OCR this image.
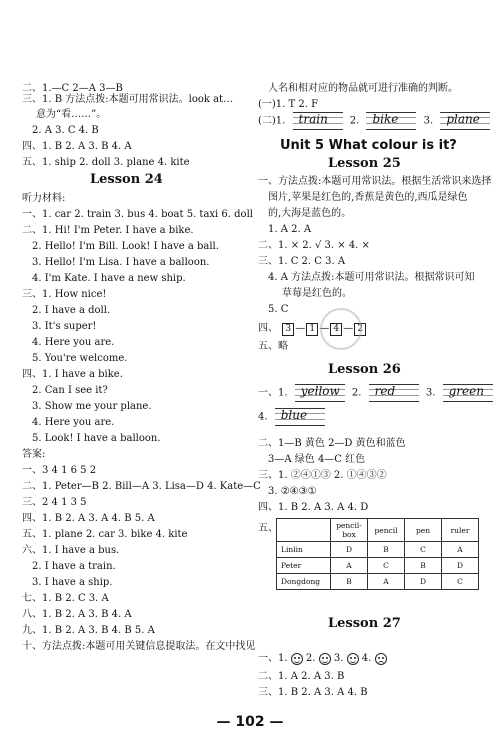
Lesson 24
二、1.—C 2—A 3—B
三、1. B 方法点拨:本题可用常识法。look at…
意为“看……”。
2. A 3. C 4. B
四、1. B 2. A 3. B 4. A
五、1. ship 2. doll 3. plane 4. kite
听力材料:
一、1. car 2. train 3. bus 4. boat 5. taxi 6. doll
二、1. Hi! I'm Peter. I have a bike.
2. Hello! I'm Bill. Look! I have a ball.
3. Hello! I'm Lisa. I have a balloon.
4. I'm Kate. I have a new ship.
三、1. How nice!
2. I have a doll.
3. It's super!
4. Here you are.
5. You're welcome.
四、1. I have a bike.
2. Can I see it?
3. Show me your plane.
4. Here you are.
5. Look! I have a balloon.
答案:
一、3 4 1 6 5 2
二、1. Peter—B 2. Bill—A 3. Lisa—D 4. Kate—C
三、2 4 1 3 5
四、1. B 2. A 3. A 4. B 5. A
五、1. plane 2. car 3. bike 4. kite
六、1. I have a bus.
2. I have a train.
3. I have a ship.
七、1. B 2. C 3. A
八、1. B 2. A 3. B 4. A
九、1. B 2. A 3. B 4. B 5. A
十、方法点拨:本题可用关键信息提取法。在文中找见
(二)1. train 2. bike	3. plane
Unit 5 What colour is it?
Lesson 25
四、 3 — 1 — 4 — 2
五、略
Lesson 26
一、1. yellow 2. red	3. green
4. blue
五、
		pencil-box	pencil	pen	ruler
Linlin	D	B	C	A
Peter	A	C	B	D
Dongdong	B	A	D	C
Lesson 27
一、1. 2. 3. 4.
人名和相对应的物品就可进行准确的判断。
(一)1. T 2. F
一、方法点拨:本题可用常识法。根据生活常识来选择
图片,苹果是红色的,香蕉是黄色的,西瓜是绿色
的,大海是蓝色的。
1. A 2. A
二、1. × 2. √ 3. × 4. ×
三、1. C 2. C 3. A
4. A 方法点拨:本题可用常识法。根据常识可知
草莓是红色的。
5. C
二、1—B 黄色 2—D 黄色和蓝色
3—A 绿色 4—C 红色
三、1. ②④①③ 2. ①④③②
3. ②④③①
四、1. B 2. A 3. A 4. D
二、1. A 2. A 3. B
三、1. B 2. A 3. A 4. B
— 102 —
